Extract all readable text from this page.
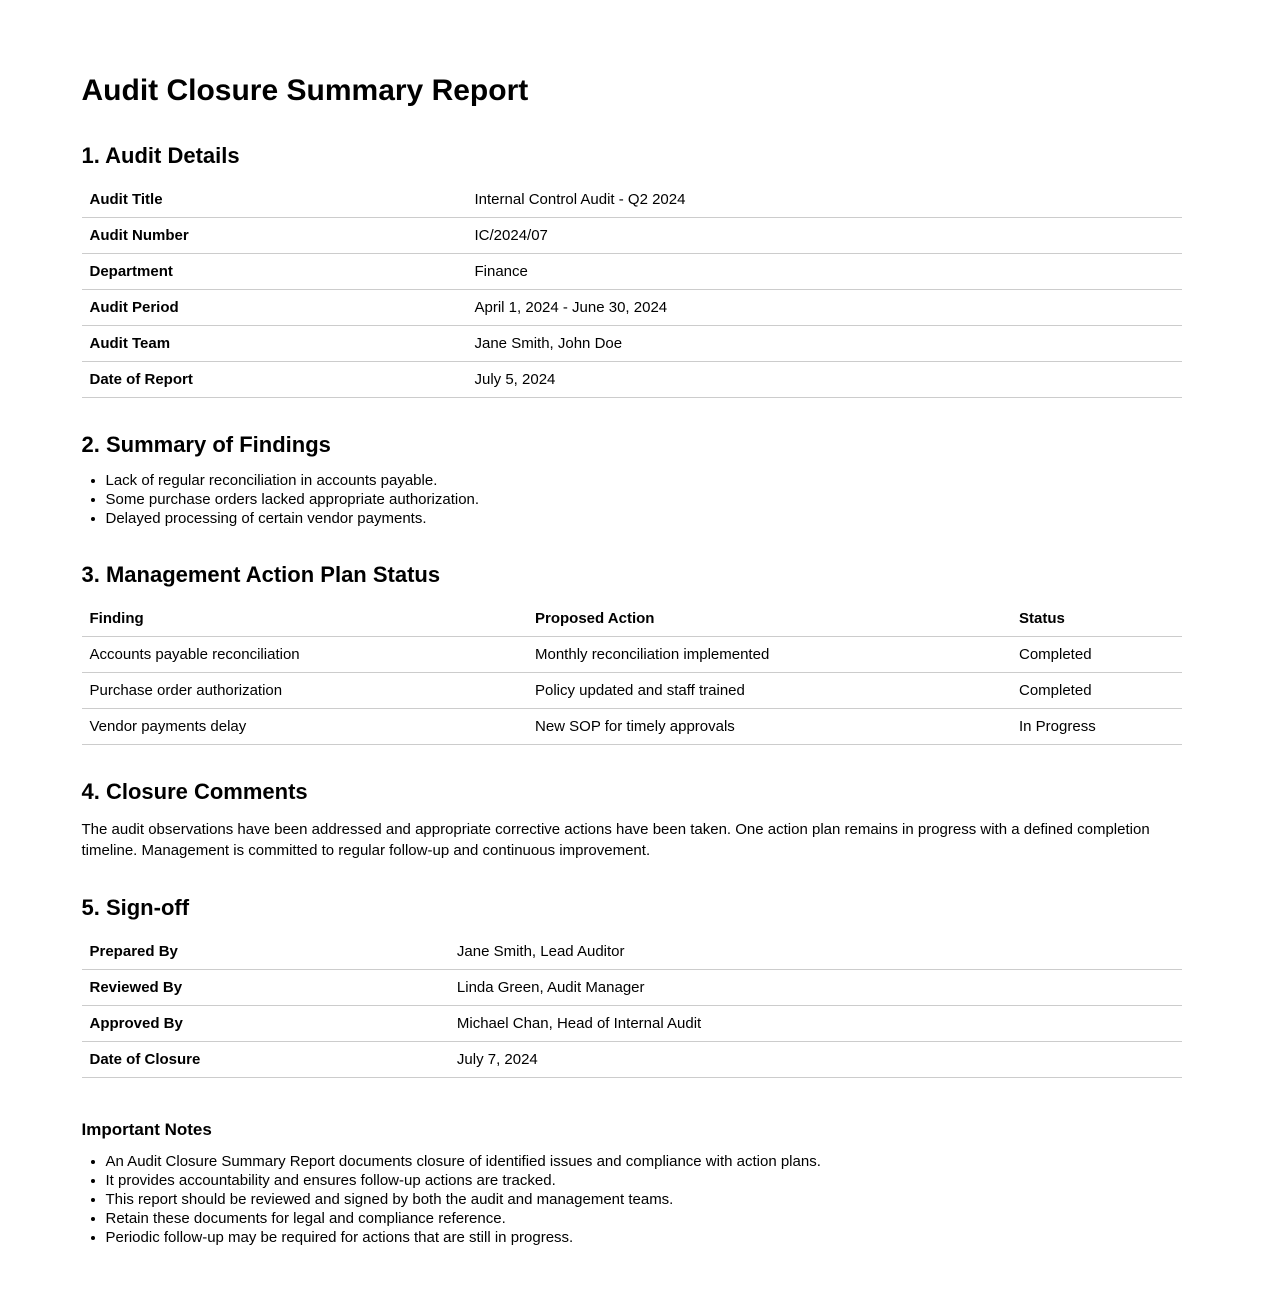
Audit Closure Summary Report
1. Audit Details
Audit Title	Internal Control Audit - Q2 2024
Audit Number	IC/2024/07
Department	Finance
Audit Period	April 1, 2024 - June 30, 2024
Audit Team	Jane Smith, John Doe
Date of Report	July 5, 2024
2. Summary of Findings
• Lack of regular reconciliation in accounts payable.
• Some purchase orders lacked appropriate authorization.
• Delayed processing of certain vendor payments.
3. Management Action Plan Status
Finding	Proposed Action	Status
Accounts payable reconciliation	Monthly reconciliation implemented	Completed
Purchase order authorization	Policy updated and staff trained	Completed
Vendor payments delay	New SOP for timely approvals	In Progress
4. Closure Comments

The audit observations have been addressed and appropriate corrective actions have been taken. One action plan remains in progress with a defined completion timeline. Management is committed to regular follow-up and continuous improvement.

5. Sign-off
Prepared By	Jane Smith, Lead Auditor
Reviewed By	Linda Green, Audit Manager
Approved By	Michael Chan, Head of Internal Audit
Date of Closure	July 7, 2024
Important Notes
• An Audit Closure Summary Report documents closure of identified issues and compliance with action plans.
• It provides accountability and ensures follow-up actions are tracked.
• This report should be reviewed and signed by both the audit and management teams.
• Retain these documents for legal and compliance reference.
• Periodic follow-up may be required for actions that are still in progress.
